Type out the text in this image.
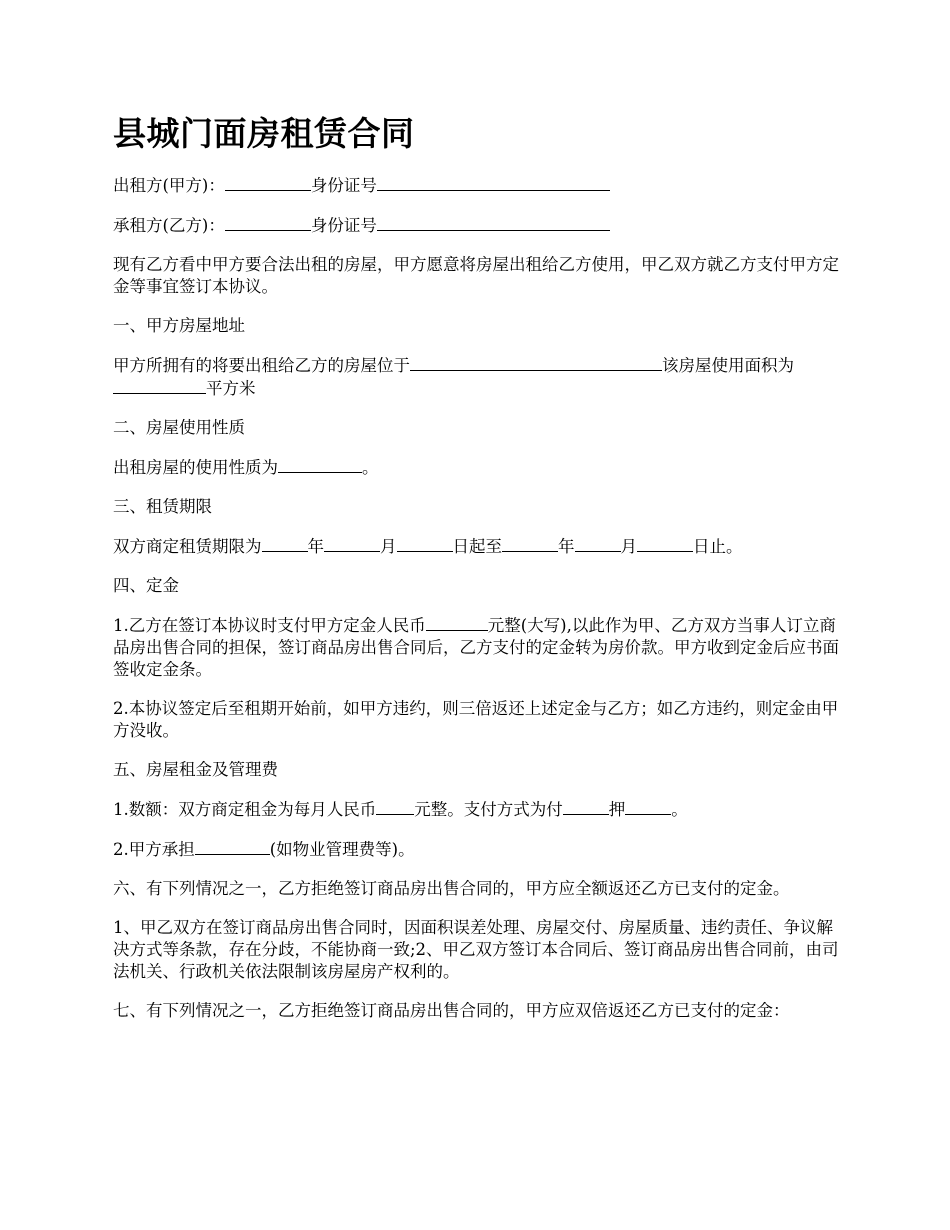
县城门面房租赁合同

出租方(甲方)：	身份证号

承租方(乙方)：	身份证号

现有乙方看中甲方要合法出租的房屋，甲方愿意将房屋出租给乙方使用，甲乙双方就乙方支付甲方定金等事宜签订本协议。

一、甲方房屋地址

甲方所拥有的将要出租给乙方的房屋位于	该房屋使用面积为平方米

二、房屋使用性质

出租房屋的使用性质为	。

三、租赁期限

双方商定租赁期限为	年	月	日起至	年	月	日止。

四、定金

1.乙方在签订本协议时支付甲方定金人民币	元整(大写),以此作为甲、乙方双方当事人订立商品房出售合同的担保，签订商品房出售合同后，乙方支付的定金转为房价款。甲方收到定金后应书面签收定金条。

2.本协议签定后至租期开始前，如甲方违约，则三倍返还上述定金与乙方；如乙方违约，则定金由甲方没收。

五、房屋租金及管理费

1.数额：双方商定租金为每月人民币 元整。支付方式为付	押	。

2.甲方承担	(如物业管理费等)。

六、有下列情况之一，乙方拒绝签订商品房出售合同的，甲方应全额返还乙方已支付的定金。

1、甲乙双方在签订商品房出售合同时，因面积误差处理、房屋交付、房屋质量、违约责任、争议解决方式等条款，存在分歧，不能协商一致;2、甲乙双方签订本合同后、签订商品房出售合同前，由司法机关、行政机关依法限制该房屋房产权利的。

七、有下列情况之一，乙方拒绝签订商品房出售合同的，甲方应双倍返还乙方已支付的定金：
